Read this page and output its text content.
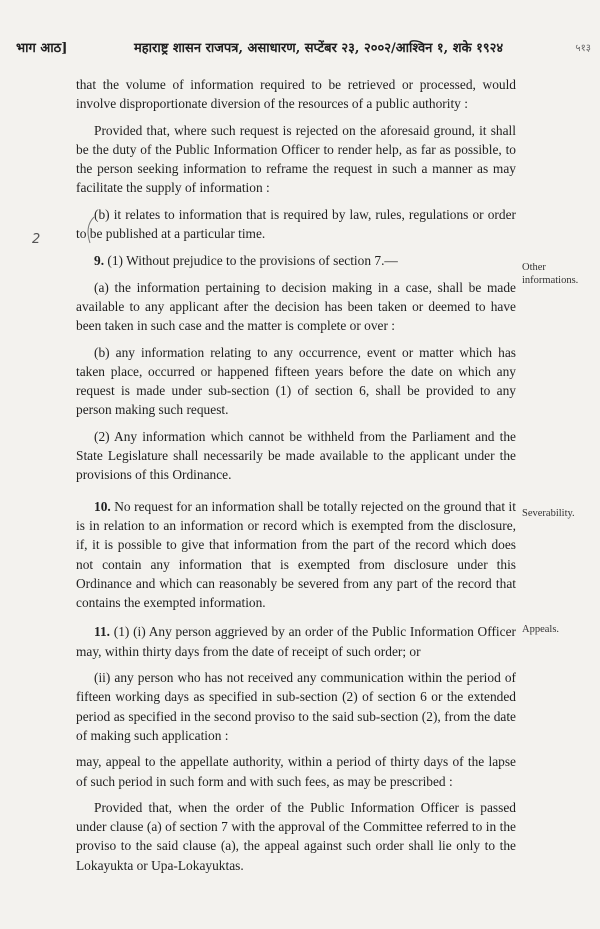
भाग आठ]	महाराष्ट्र शासन राजपत्र, असाधारण, सप्टेंबर २३, २००२/आश्विन १, शके १९२४	५१३
2
Other informations.
Severability.
Appeals.

that the volume of information required to be retrieved or processed, would involve disproportionate diversion of the resources of a public authority :

Provided that, where such request is rejected on the aforesaid ground, it shall be the duty of the Public Information Officer to render help, as far as possible, to the person seeking information to reframe the request in such a manner as may facilitate the supply of information :

(b) it relates to information that is required by law, rules, regulations or order to be published at a particular time.

9. (1) Without prejudice to the provisions of section 7.—

(a) the information pertaining to decision making in a case, shall be made available to any applicant after the decision has been taken or deemed to have been taken in such case and the matter is complete or over :

(b) any information relating to any occurrence, event or matter which has taken place, occurred or happened fifteen years before the date on which any request is made under sub-section (1) of section 6, shall be provided to any person making such request.

(2) Any information which cannot be withheld from the Parliament and the State Legislature shall necessarily be made available to the applicant under the provisions of this Ordinance.

10. No request for an information shall be totally rejected on the ground that it is in relation to an information or record which is exempted from the disclosure, if, it is possible to give that information from the part of the record which does not contain any information that is exempted from disclosure under this Ordinance and which can reasonably be severed from any part of the record that contains the exempted information.

11. (1) (i) Any person aggrieved by an order of the Public Information Officer may, within thirty days from the date of receipt of such order; or

(ii) any person who has not received any communication within the period of fifteen working days as specified in sub-section (2) of section 6 or the extended period as specified in the second proviso to the said sub-section (2), from the date of making such application :

may, appeal to the appellate authority, within a period of thirty days of the lapse of such period in such form and with such fees, as may be prescribed :

Provided that, when the order of the Public Information Officer is passed under clause (a) of section 7 with the approval of the Committee referred to in the proviso to the said clause (a), the appeal against such order shall lie only to the Lokayukta or Upa-Lokayuktas.
